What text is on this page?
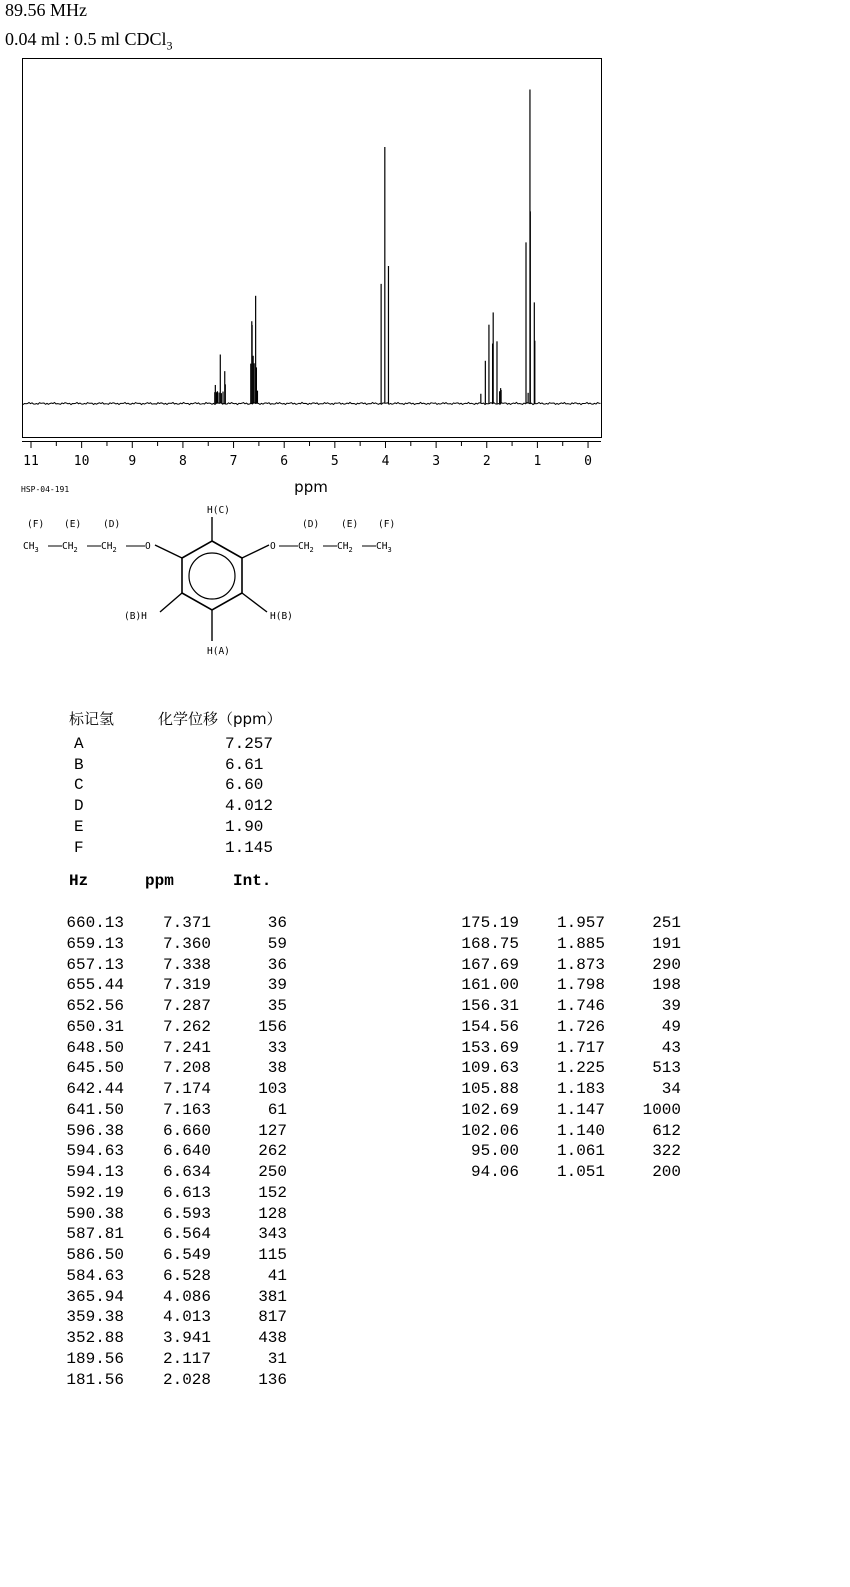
89.56 MHz
0.04 ml : 0.5 ml CDCl$_3$
11	10	9	8	7	6	5	4	3	2	1	0
ppm
HSP-04-191
(F) (E) (D)	(D) (E) (F)
$CH_3$ $CH_2$ $CH_2$	O	O $CH_2$ $CH_2$ $CH_3$
H(C)
H(A)
(B)H	H(B)
标记氢	化学位移（ppm）
A	7.257
B	6.61
C	6.60
D	4.012
E	1.90
F	1.145
Hz	ppm	Int.
660.13 7.371	36
659.13 7.360	59
657.13 7.338	36
655.44 7.319	39
652.56 7.287	35
650.31 7.262	156
648.50 7.241	33
645.50 7.208	38
642.44 7.174	103
641.50 7.163	61
596.38 6.660	127
594.63 6.640	262
594.13 6.634	250
592.19 6.613	152
590.38 6.593	128
587.81 6.564	343
586.50 6.549	115
584.63 6.528	41
365.94 4.086	381
359.38 4.013	817
352.88 3.941	438
189.56 2.117	31
181.56 2.028	136
175.19 1.957	251
168.75 1.885	191
167.69 1.873	290
161.00 1.798	198
156.31 1.746	39
154.56 1.726	49
153.69 1.717	43
109.63 1.225	513
105.88 1.183	34
102.69 1.147 1000
102.06 1.140	612
95.00 1.061	322
94.06 1.051	200
